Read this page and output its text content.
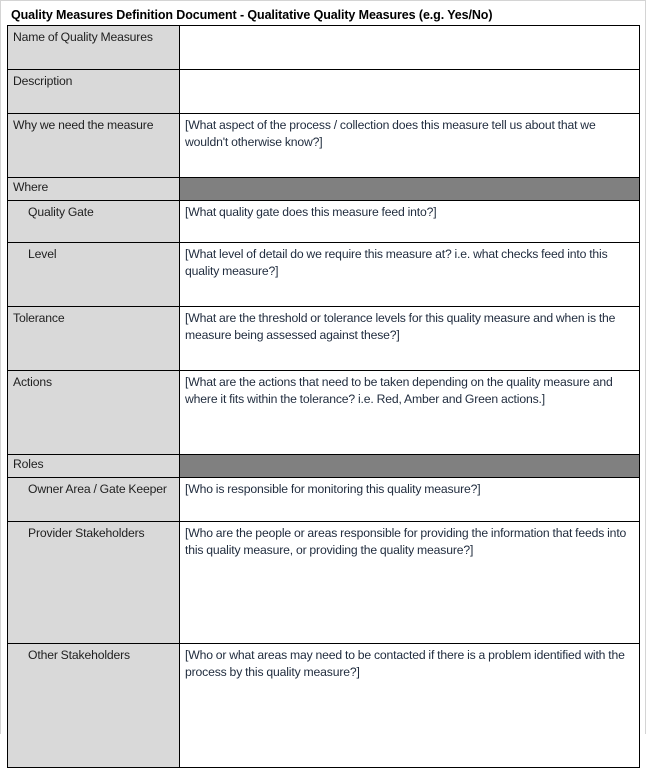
Quality Measures Definition Document - Qualitative Quality Measures (e.g. Yes/No)
Name of Quality Measures	

Description	

Why we need the measure	[What aspect of the process / collection does this measure tell us about that we wouldn't otherwise know?]

Where	

Quality Gate	[What quality gate does this measure feed into?]

Level	[What level of detail do we require this measure at? i.e. what checks feed into this quality measure?]

Tolerance	[What are the threshold or tolerance levels for this quality measure and when is the measure being assessed against these?]

Actions	[What are the actions that need to be taken depending on the quality measure and where it fits within the tolerance? i.e. Red, Amber and Green actions.]

Roles	

Owner Area / Gate Keeper	[Who is responsible for monitoring this quality measure?]

Provider Stakeholders	[Who are the people or areas responsible for providing the information that feeds into this quality measure, or providing the quality measure?]

Other Stakeholders	[Who or what areas may need to be contacted if there is a problem identified with the process by this quality measure?]
